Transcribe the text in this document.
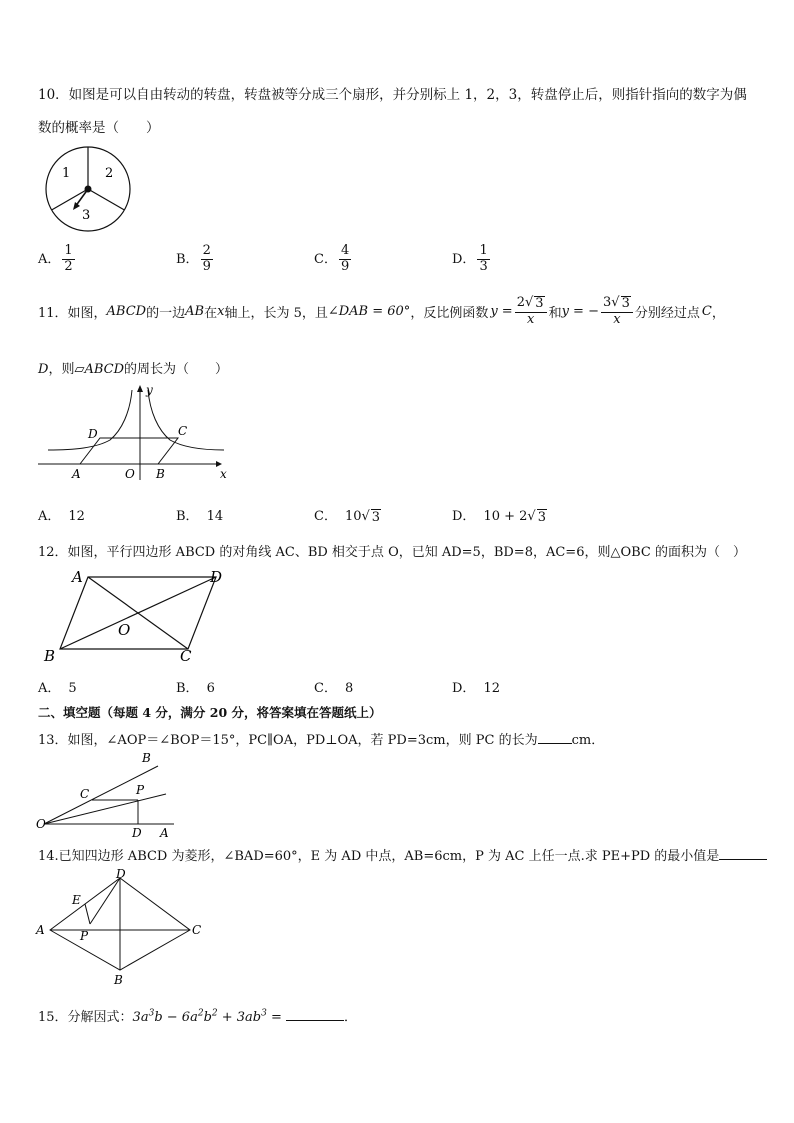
10．如图是可以自由转动的转盘，转盘被等分成三个扇形，并分别标上 1，2，3，转盘停止后，则指针指向的数字为偶
数的概率是（　　）
1	2
3
A． $\frac{1}{2}$	B． $\frac{2}{9}$	C． $\frac{4}{9}$	D． $\frac{1}{3}$
11．如图， ABCD 的一边 AB 在 x 轴上，长为 5，且 ∠DAB = 60° ，反比例函数 $y = \frac{2√ 3}{x}$ 和 y = − $\frac{3√ 3}{x}$ 分别经过点 C ，
D，则▱ABCD的周长为（　　）
y
x
D	C
A	O B
A． 12	B． 14	C． 10√ 3	D． 10 + 2√ 3
12．如图，平行四边形 ABCD 的对角线 AC、BD 相交于点 O，已知 AD=5，BD=8，AC=6，则△OBC 的面积为（　）
A	D
O
B	C
A． 5	B． 6	C． 8	D． 12
二、填空题（每题 4 分，满分 20 分，将答案填在答题纸上）
13．如图，∠AOP＝∠BOP＝15°，PC∥OA，PD⊥OA，若 PD=3cm，则 PC 的长为	cm．
B
C	P
O
D A
14.已知四边形 ABCD 为菱形，∠BAD=60°，E 为 AD 中点，AB=6cm，P 为 AC 上任一点.求 PE+PD 的最小值是
D
E
A	P	C
B
15．分解因式：$3a^3b - 6a^2b^2 + 3ab^3$ =	．
